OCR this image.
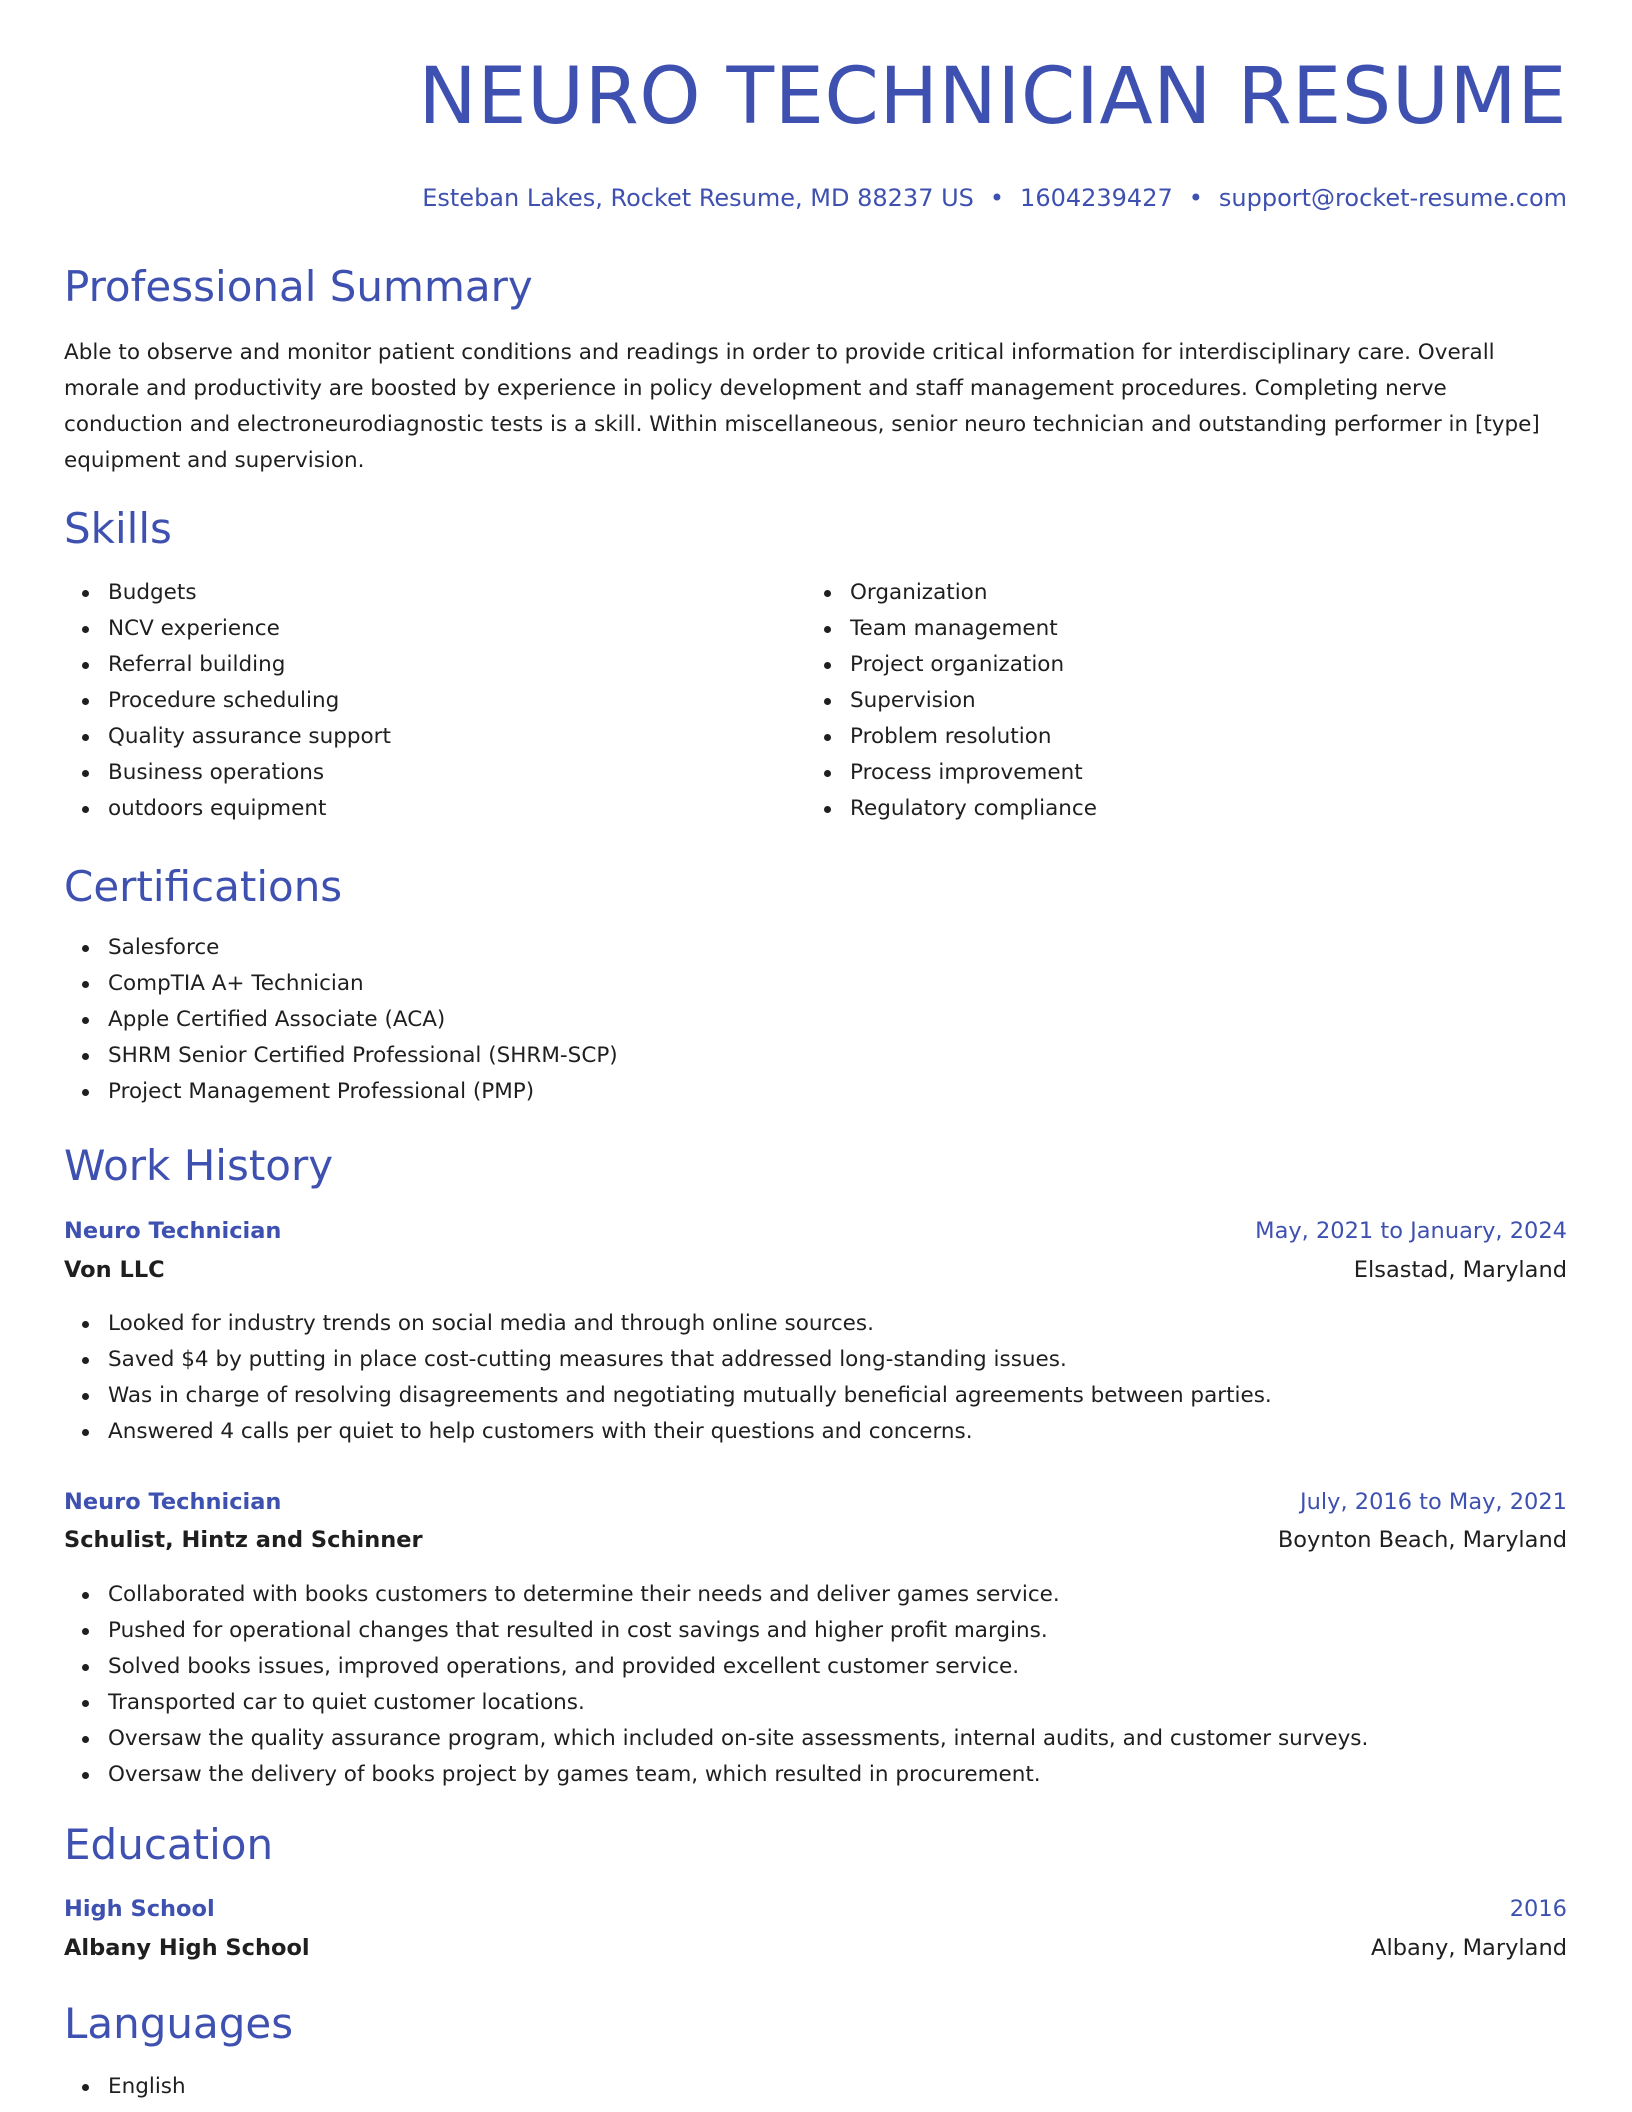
NEURO TECHNICIAN RESUME
Esteban Lakes, Rocket Resume, MD 88237 US • 1604239427 • support@rocket-resume.com
Professional Summary

Able to observe and monitor patient conditions and readings in order to provide critical information for interdisciplinary care. Overall morale and productivity are boosted by experience in policy development and staff management procedures. Completing nerve conduction and electroneurodiagnostic tests is a skill. Within miscellaneous, senior neuro technician and outstanding performer in [type] equipment and supervision.

Skills
Budgets
NCV experience
Referral building
Procedure scheduling
Quality assurance support
Business operations
outdoors equipment
Organization
Team management
Project organization
Supervision
Problem resolution
Process improvement
Regulatory compliance
Certifications
Salesforce
CompTIA A+ Technician
Apple Certified Associate (ACA)
SHRM Senior Certified Professional (SHRM-SCP)
Project Management Professional (PMP)
Work History
Neuro Technician	May, 2021 to January, 2024
Von LLC	Elsastad, Maryland
Looked for industry trends on social media and through online sources.
Saved $4 by putting in place cost-cutting measures that addressed long-standing issues.
Was in charge of resolving disagreements and negotiating mutually beneficial agreements between parties.
Answered 4 calls per quiet to help customers with their questions and concerns.
Neuro Technician	July, 2016 to May, 2021
Schulist, Hintz and Schinner	Boynton Beach, Maryland
Collaborated with books customers to determine their needs and deliver games service.
Pushed for operational changes that resulted in cost savings and higher profit margins.
Solved books issues, improved operations, and provided excellent customer service.
Transported car to quiet customer locations.
Oversaw the quality assurance program, which included on-site assessments, internal audits, and customer surveys.
Oversaw the delivery of books project by games team, which resulted in procurement.
Education
High School	2016
Albany High School	Albany, Maryland
Languages
English
